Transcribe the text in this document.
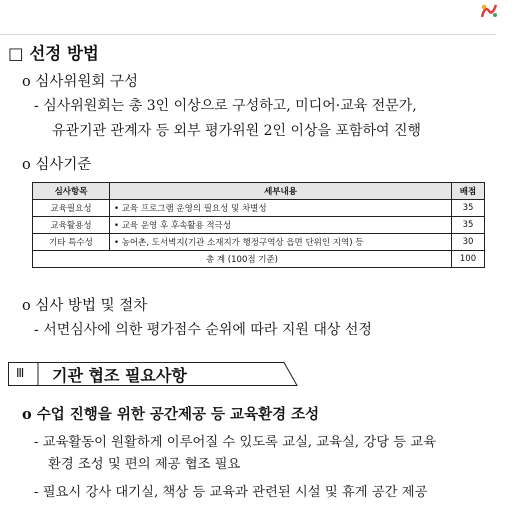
□ 선정 방법
o 심사위원회 구성
- 심사위원회는 총 3인 이상으로 구성하고, 미디어·교육 전문가,
유관기관 관계자 등 외부 평가위원 2인 이상을 포함하여 진행
o 심사기준
심사항목	세부내용	배점
교육필요성	• 교육 프로그램 운영의 필요성 및 차별성	35
교육활용성	• 교육 운영 후 후속활용 적극성	35
기타 특수성	• 농어촌, 도서벽지(기관 소재지가 행정구역상 읍면 단위인 지역) 등	30
총 계 (100점 기준)		100
o 심사 방법 및 절차
- 서면심사에 의한 평가점수 순위에 따라 지원 대상 선정
Ⅲ 기관 협조 필요사항
o 수업 진행을 위한 공간제공 등 교육환경 조성
- 교육활동이 원활하게 이루어질 수 있도록 교실, 교육실, 강당 등 교육
환경 조성 및 편의 제공 협조 필요
- 필요시 강사 대기실, 책상 등 교육과 관련된 시설 및 휴게 공간 제공
